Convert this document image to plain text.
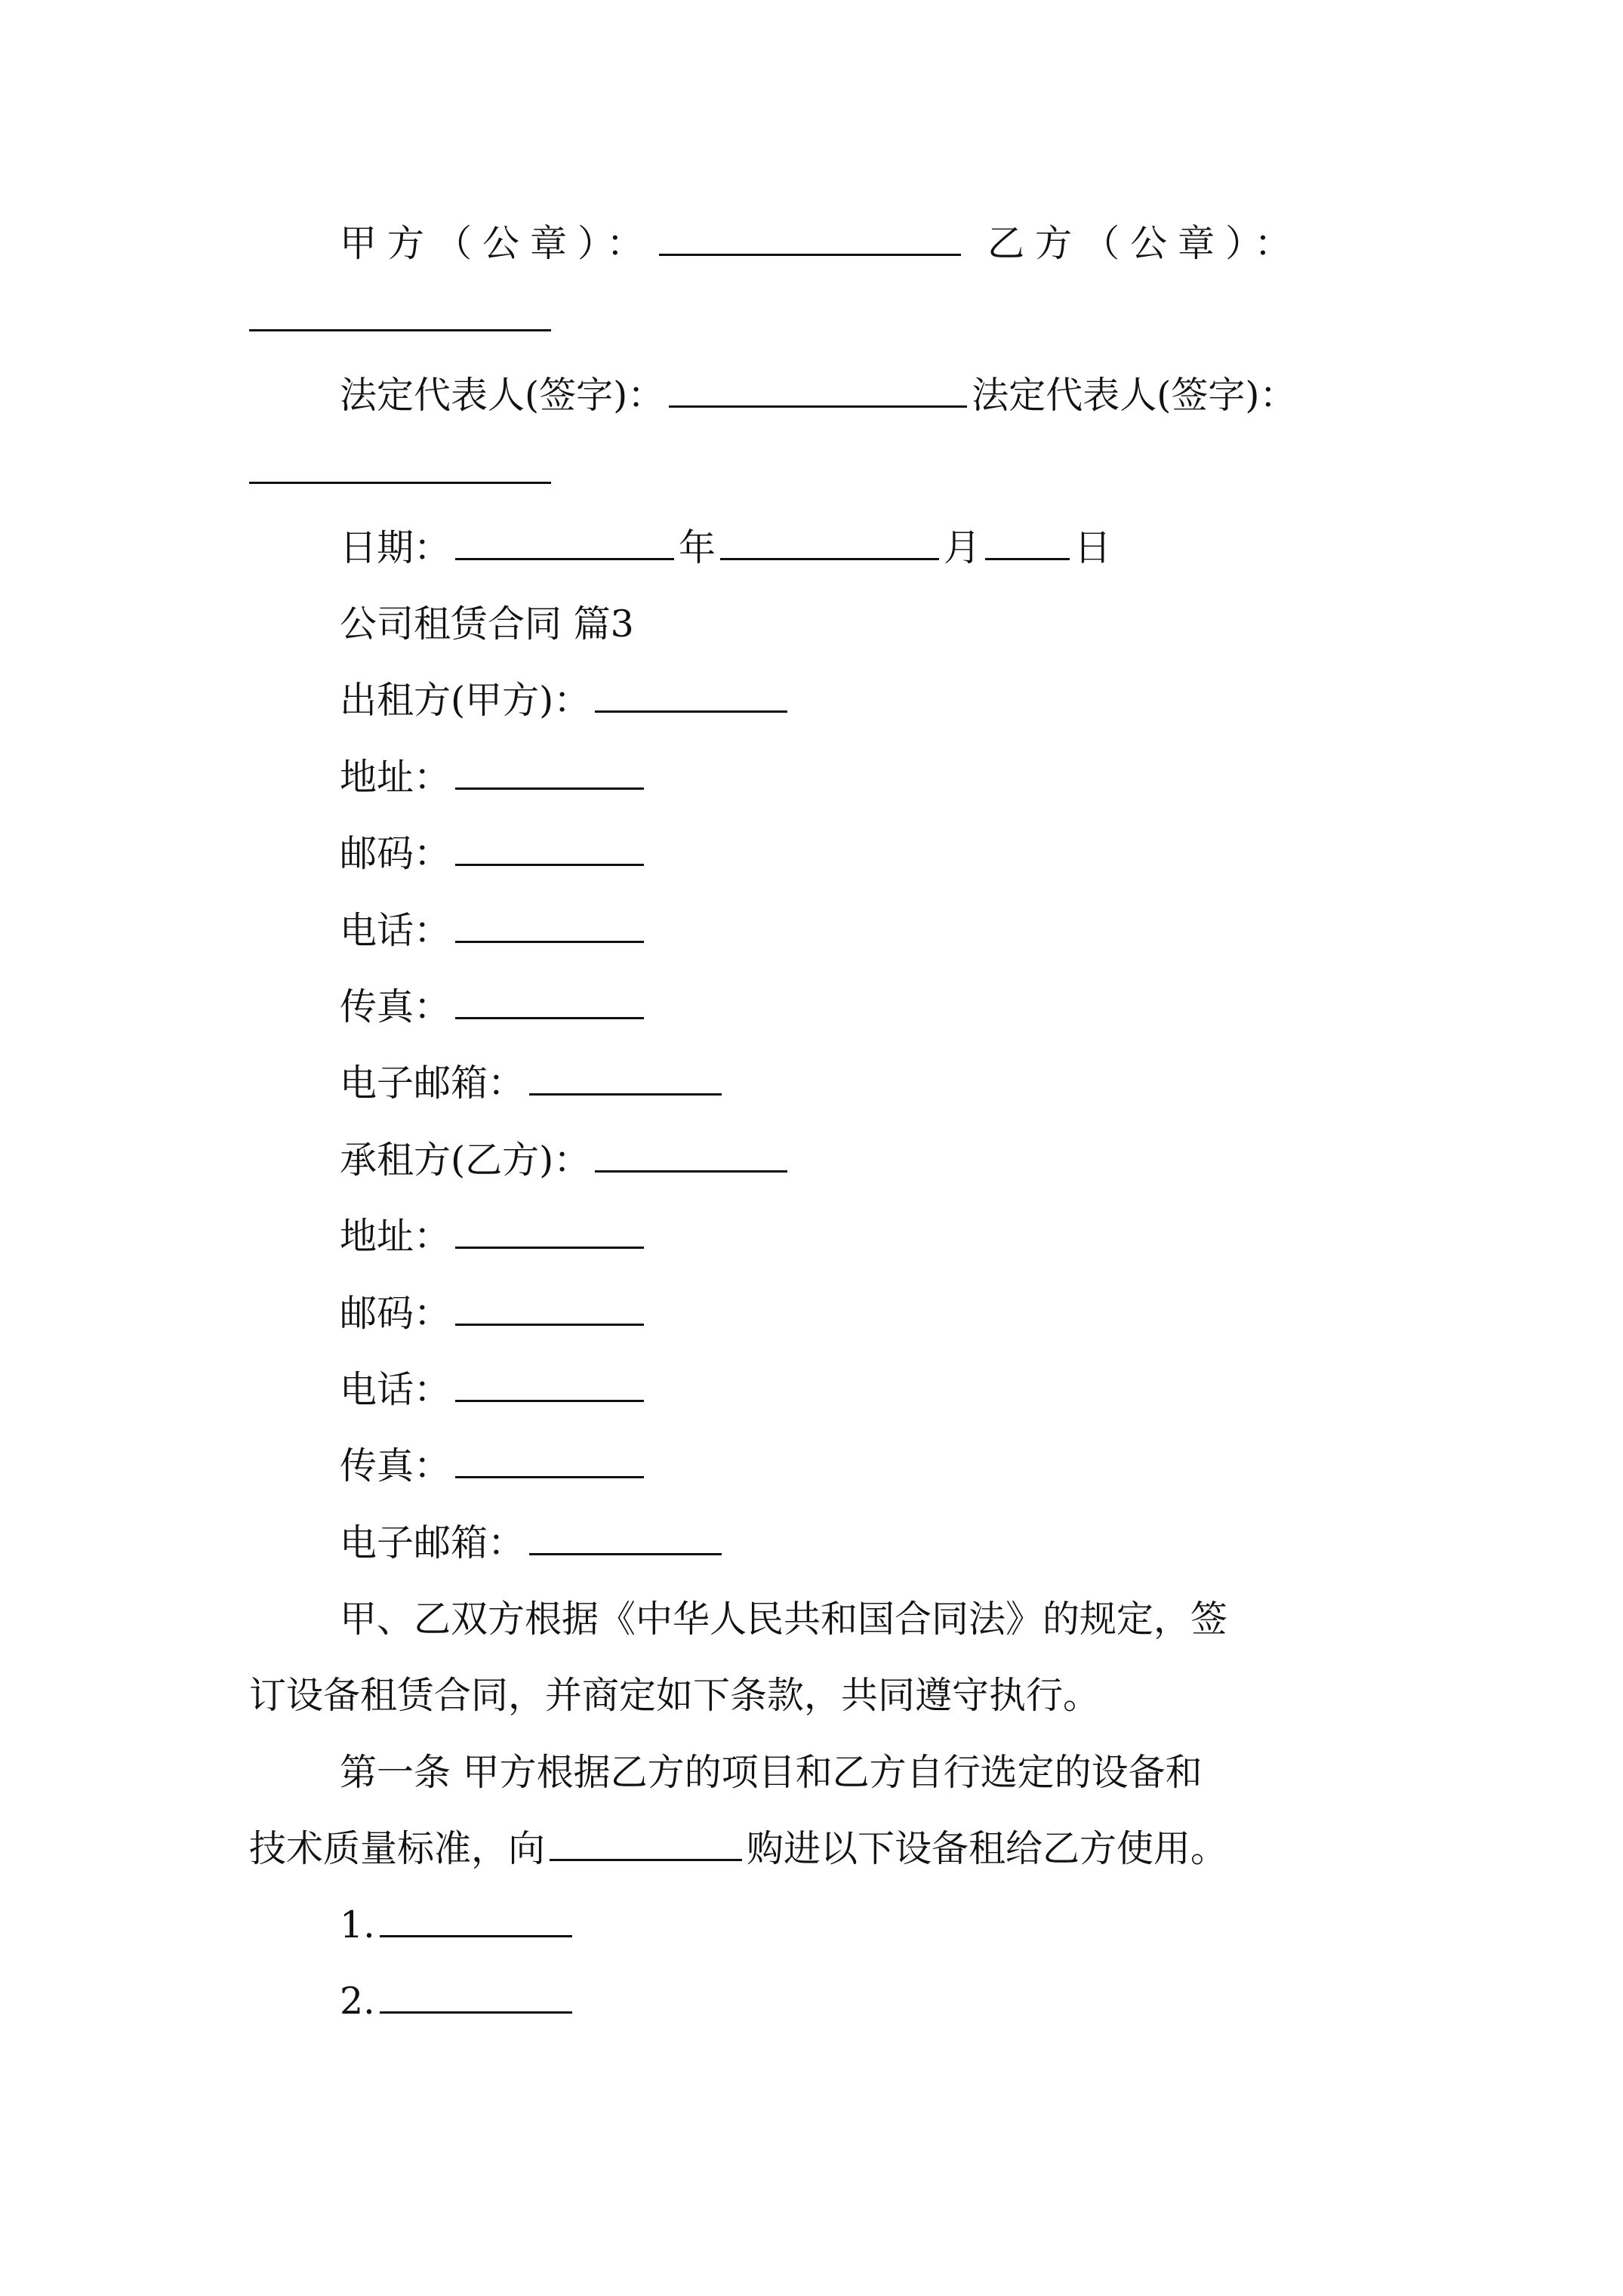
甲方（公章）：	乙方（公章）：
法定代表人(签字)：	法定代表人(签字)：
日期：	年	月	日
公司租赁合同 篇3
出租方(甲方)：
地址：
邮码：
电话：
传真：
电子邮箱：
承租方(乙方)：
地址：
邮码：
电话：
传真：
电子邮箱：
甲、乙双方根据《中华人民共和国合同法》的规定，签
订设备租赁合同，并商定如下条款，共同遵守执行。
第一条 甲方根据乙方的项目和乙方自行选定的设备和
技术质量标准，向	购进以下设备租给乙方使用。
1.
2.
